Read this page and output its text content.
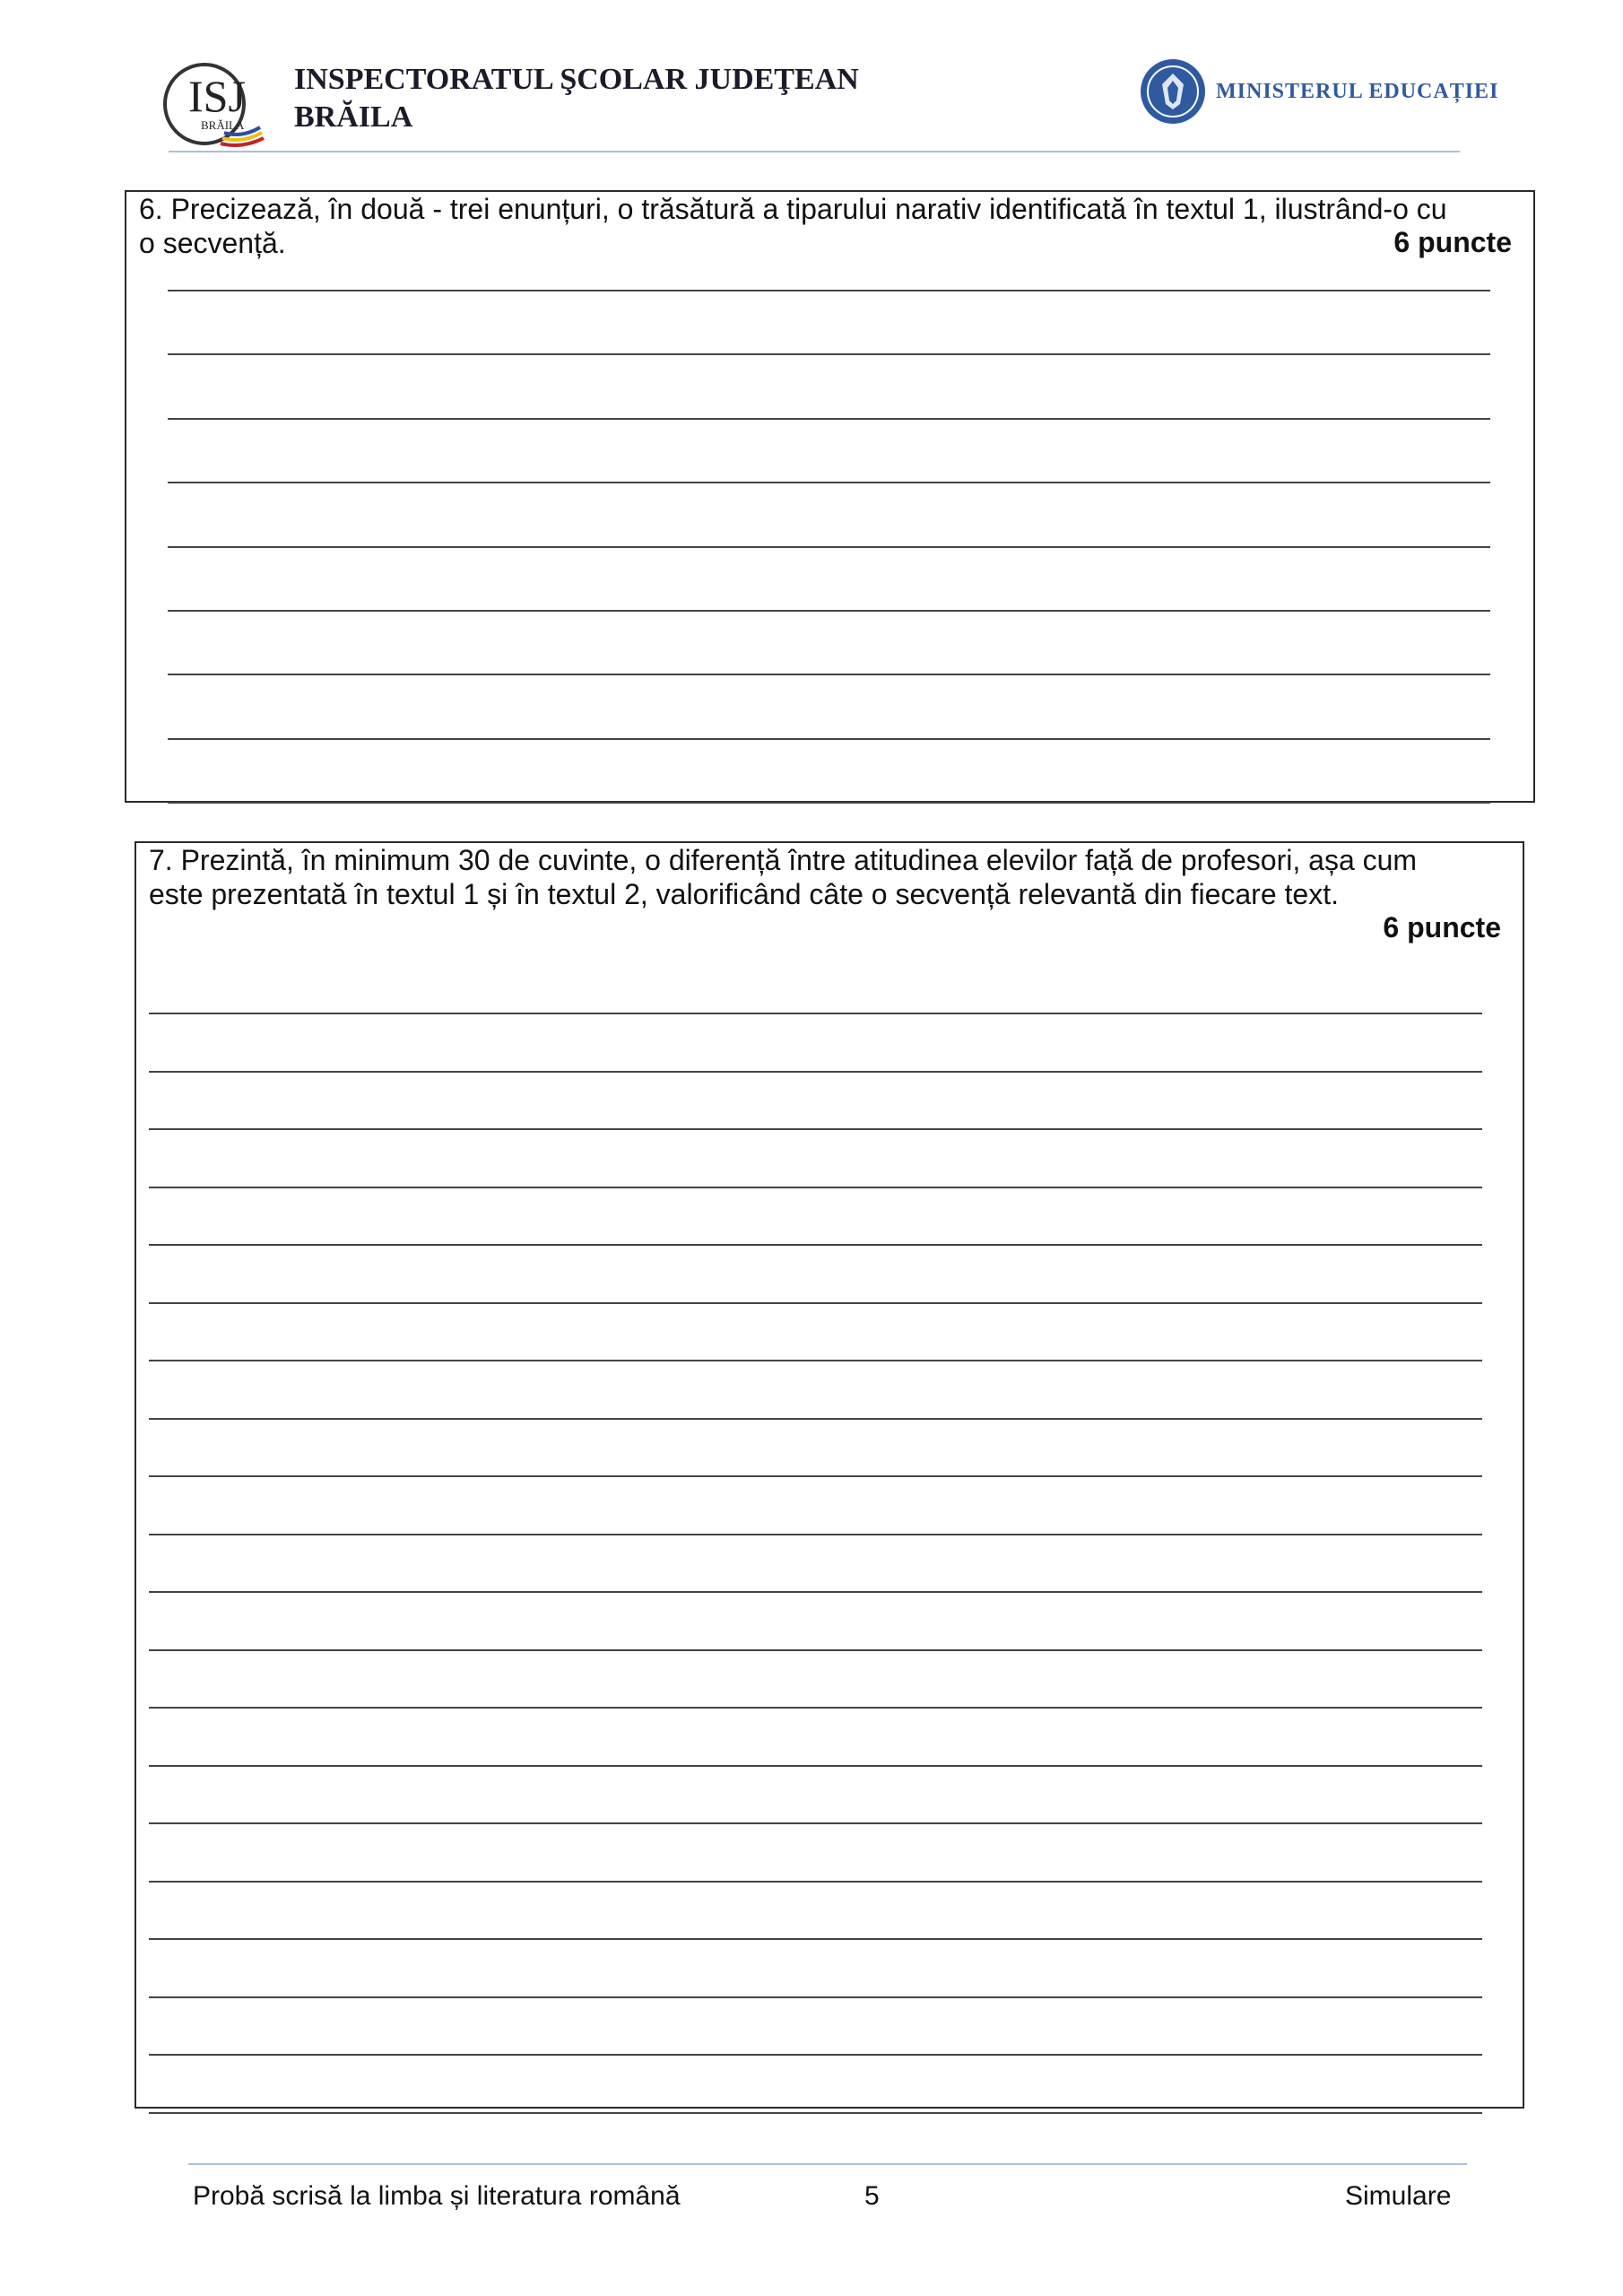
ISJ
BRĂILA
INSPECTORATUL ŞCOLAR JUDEŢEAN
BRĂILA
MINISTERUL EDUCAȚIEI
6. Precizează, în două - trei enunțuri, o trăsătură a tiparului narativ identificată în textul 1, ilustrând-o cu
o secvență.	6 puncte
7. Prezintă, în minimum 30 de cuvinte, o diferență între atitudinea elevilor față de profesori, așa cum
este prezentată în textul 1 și în textul 2, valorificând câte o secvență relevantă din fiecare text.
6 puncte
Probă scrisă la limba și literatura română	5	Simulare
